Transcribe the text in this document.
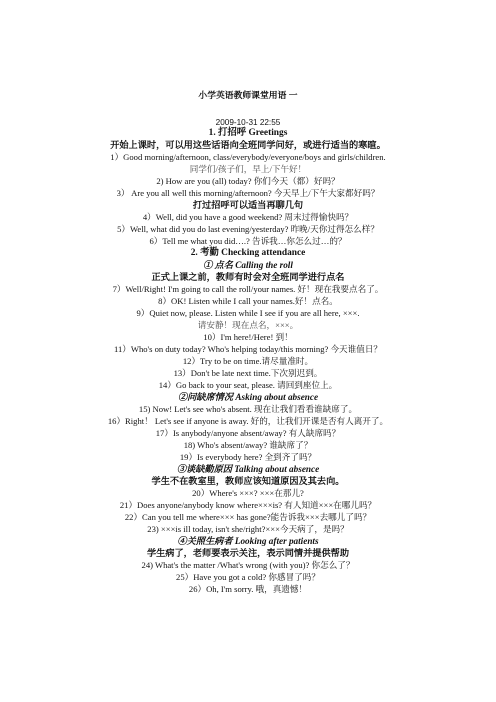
小学英语教师课堂用语 一
2009-10-31 22:55
1. 打招呼 Greetings
开始上课时，可以用这些话语向全班同学问好，或进行适当的寒暄。
1）Good morning/afternoon, class/everybody/everyone/boys and girls/children.
同学们/孩子们，早上/下午好！
2) How are you (all) today? 你们今天（都）好吗？
3） Are you all well this morning/afternoon? 今天早上/下午大家都好吗？
打过招呼可以适当再聊几句
4）Well, did you have a good weekend? 周末过得愉快吗？
5）Well, what did you do last evening/yesterday? 昨晚/天你过得怎么样？
6）Tell me what you did….? 告诉我…你怎么过…的？
2. 考勤 Checking attendance
① 点名 Calling the roll
正式上课之前，教师有时会对全班同学进行点名
7）Well/Right! I'm going to call the roll/your names. 好！现在我要点名了。
8）OK! Listen while I call your names.好！点名。
9）Quiet now, please. Listen while I see if you are all here, ×××.
请安静！现在点名，×××。
10）I'm here!/Here! 到！
11）Who's on duty today? Who's helping today/this morning? 今天谁值日？
12）Try to be on time.请尽量准时。
13）Don't be late next time.下次别迟到。
14）Go back to your seat, please. 请回到座位上。
②问缺席情况 Asking about absence
15) Now! Let's see who's absent. 现在让我们看看谁缺席了。
16）Right！ Let's see if anyone is away. 好的，让我们开课是否有人离开了。
17）Is anybody/anyone absent/away? 有人缺席吗？
18) Who's absent/away? 谁缺席了？
19）Is everybody here? 全到齐了吗？
③谈缺勤原因 Talking about absence
学生不在教室里，教师应该知道原因及其去向。
20）Where's ×××? ×××在那儿?
21）Does anyone/anybody know where×××is? 有人知道×××在哪儿吗？
22）Can you tell me where××× has gone?能告诉我×××去哪儿了吗？
23) ×××is ill today, isn't she/right?×××今天病了，是吗？
④关照生病者 Looking after patients
学生病了，老师要表示关注，表示同情并提供帮助
24) What's the matter /What's wrong (with you)? 你怎么了？
25）Have you got a cold? 你感冒了吗？
26）Oh, I'm sorry. 哦，真遗憾！
